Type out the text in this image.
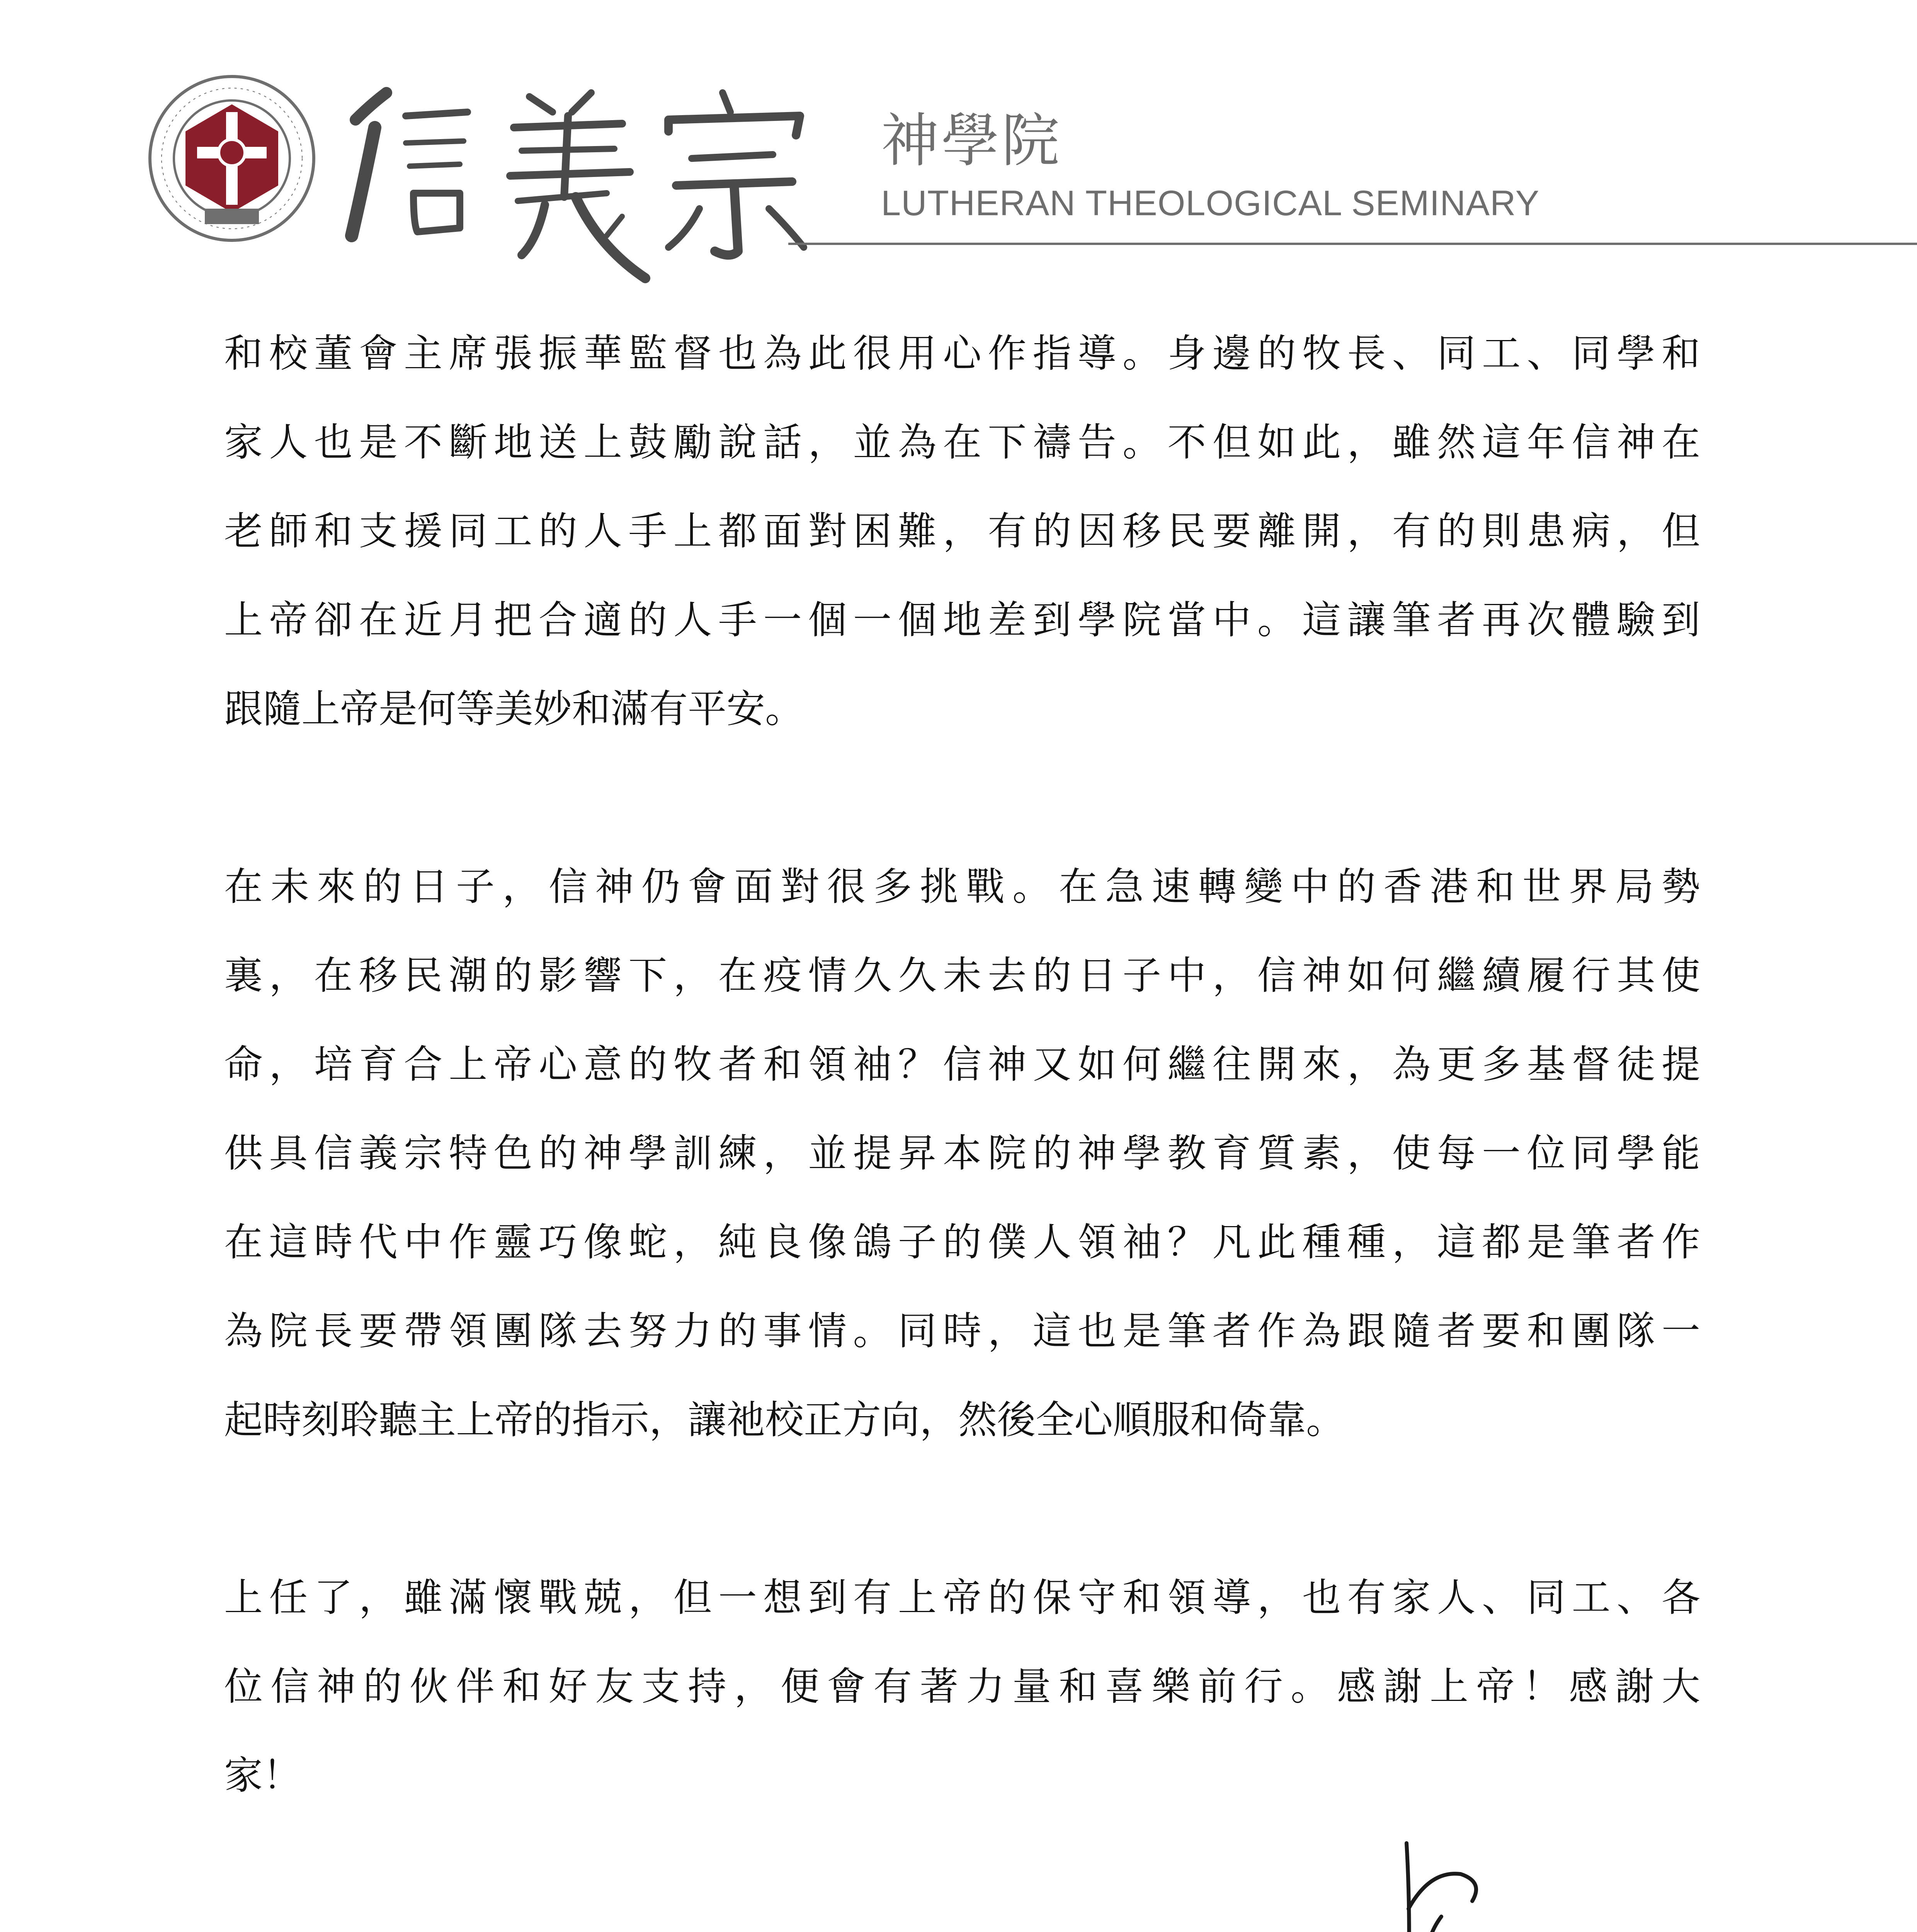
神學院
LUTHERAN THEOLOGICAL SEMINARY

和校董會主席張振華監督也為此很用心作指導。身邊的牧長、同工、同學和

家人也是不斷地送上鼓勵說話，並為在下禱告。不但如此，雖然這年信神在

老師和支援同工的人手上都面對困難，有的因移民要離開，有的則患病，但

上帝卻在近月把合適的人手一個一個地差到學院當中。這讓筆者再次體驗到

跟隨上帝是何等美妙和滿有平安。

在未來的日子，信神仍會面對很多挑戰。在急速轉變中的香港和世界局勢

裏，在移民潮的影響下，在疫情久久未去的日子中，信神如何繼續履行其使

命，培育合上帝心意的牧者和領袖？信神又如何繼往開來，為更多基督徒提

供具信義宗特色的神學訓練，並提昇本院的神學教育質素，使每一位同學能

在這時代中作靈巧像蛇，純良像鴿子的僕人領袖？凡此種種，這都是筆者作

為院長要帶領團隊去努力的事情。同時，這也是筆者作為跟隨者要和團隊一

起時刻聆聽主上帝的指示，讓祂校正方向，然後全心順服和倚靠。

上任了，雖滿懷戰兢，但一想到有上帝的保守和領導，也有家人、同工、各

位信神的伙伴和好友支持，便會有著力量和喜樂前行。感謝上帝！感謝大

家！
